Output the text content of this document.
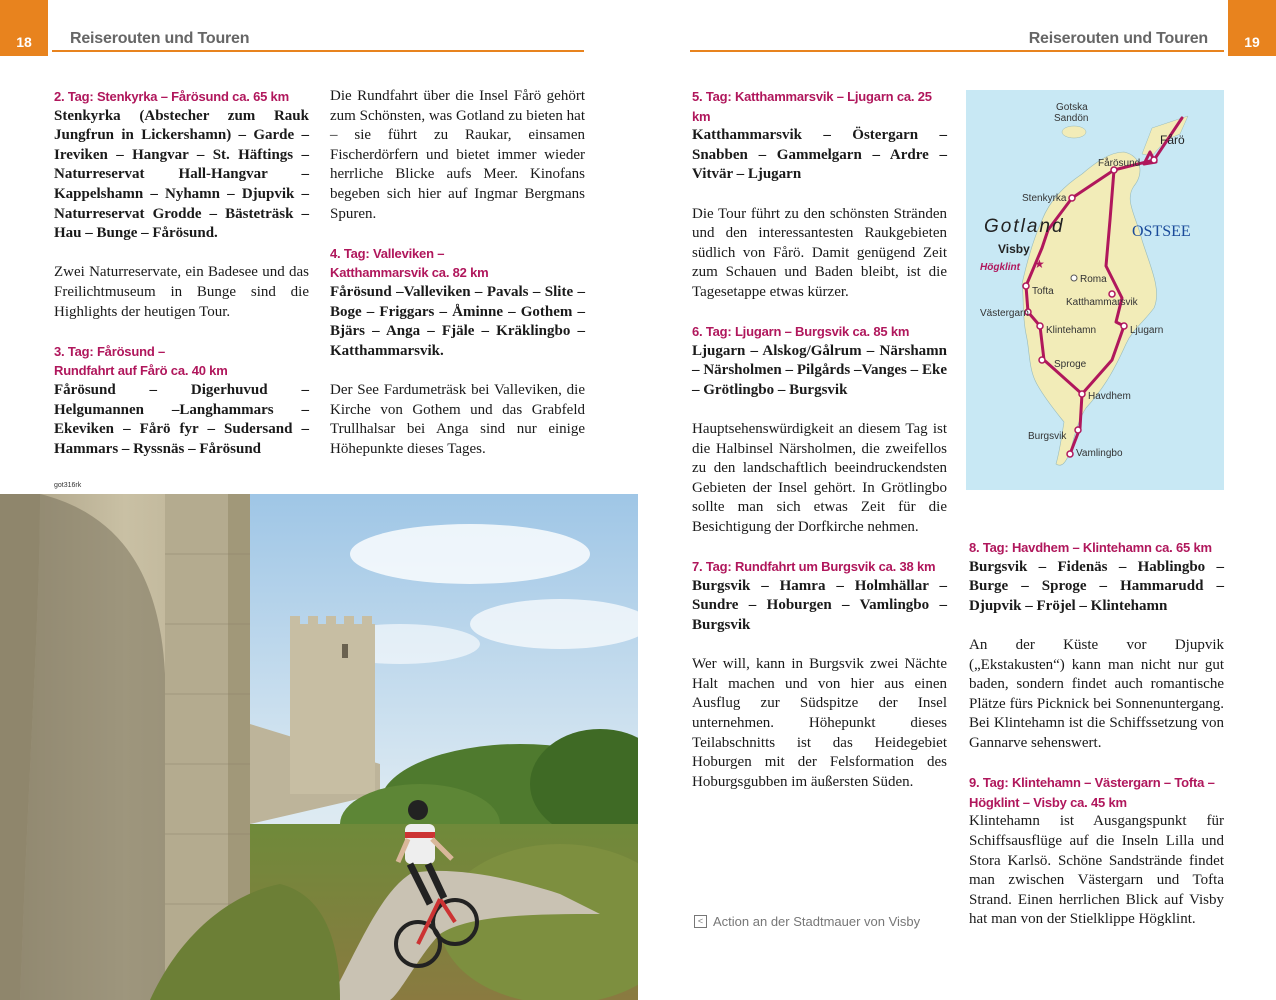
18	Reiserouten und Touren	19
Reiserouten und Touren
2. Tag: Stenkyrka – Fårösund ca. 65 km
Stenkyrka (Abstecher zum Rauk Jungfrun in Lickershamn) – Garde – Ireviken – Hangvar – St. Häftings – Naturreservat Hall-Hangvar – Kappelshamn – Nyhamn – Djupvik – Naturreservat Grodde – Bästeträsk – Hau – Bunge – Fårösund.

Zwei Naturreservate, ein Badesee und das Freilichtmuseum in Bunge sind die Highlights der heutigen Tour.

3. Tag: Fårösund –
Rundfahrt auf Fårö ca. 40 km
Fårösund – Digerhuvud – Helgumannen –Langhammars – Ekeviken – Fårö fyr – Sudersand – Hammars – Ryssnäs – Fårösund

Die Rundfahrt über die Insel Fårö gehört zum Schönsten, was Gotland zu bieten hat – sie führt zu Raukar, einsamen Fischerdörfern und bietet immer wieder herrliche Blicke aufs Meer. Kinofans begeben sich hier auf Ingmar Bergmans Spuren.

4. Tag: Valleviken –
Katthammarsvik ca. 82 km
Fårösund –Valleviken – Pavals – Slite – Boge – Friggars – Åminne – Gothem – Bjärs – Anga – Fjäle – Kräklingbo – Katthammarsvik.

Der See Fardumeträsk bei Valleviken, die Kirche von Gothem und das Grabfeld Trullhalsar bei Anga sind nur einige Höhepunkte dieses Tages.

got316rk
5. Tag: Katthammarsvik – Ljugarn ca. 25 km
Katthammarsvik – Östergarn – Snabben – Gammelgarn – Ardre – Vitvär – Ljugarn

Die Tour führt zu den schönsten Stränden und den interessantesten Raukgebieten südlich von Fårö. Damit genügend Zeit zum Schauen und Baden bleibt, ist die Tagesetappe etwas kürzer.

6. Tag: Ljugarn – Burgsvik ca. 85 km
Ljugarn – Alskog/Gålrum – Närshamn – Närsholmen – Pilgårds –Vanges – Eke – Grötlingbo – Burgsvik

Hauptsehenswürdigkeit an diesem Tag ist die Halbinsel Närsholmen, die zweifellos zu den landschaftlich beeindruckendsten Gebieten der Insel gehört. In Grötlingbo sollte man sich etwas Zeit für die Besichtigung der Dorfkirche nehmen.

7. Tag: Rundfahrt um Burgsvik ca. 38 km
Burgsvik – Hamra – Holmhällar – Sundre – Hoburgen – Vamlingbo – Burgsvik

Wer will, kann in Burgsvik zwei Nächte Halt machen und von hier aus einen Ausflug zur Südspitze der Insel unternehmen. Höhepunkt dieses Teilabschnitts ist das Heidegebiet Hoburgen mit der Felsformation des Hoburgsgubben im äußersten Süden.

< Action an der Stadtmauer von Visby
Gotska
Sandön
Fårö
Fårösund
Stenkyrka
Gotland	OSTSEE
Visby
Högklint ★
Roma
Tofta
Katthammarsvik
Västergarn
Klintehamn	Ljugarn
Sproge
Havdhem
Burgsvik
Vamlingbo
8. Tag: Havdhem – Klintehamn ca. 65 km
Burgsvik – Fidenäs – Hablingbo – Burge – Sproge – Hammarudd – Djupvik – Fröjel – Klintehamn

An der Küste vor Djupvik („Ekstakusten“) kann man nicht nur gut baden, sondern findet auch romantische Plätze fürs Picknick bei Sonnenuntergang. Bei Klintehamn ist die Schiffssetzung von Gannarve sehenswert.

9. Tag: Klintehamn – Västergarn – Tofta –
Högklint – Visby ca. 45 km

Klintehamn ist Ausgangspunkt für Schiffsausflüge auf die Inseln Lilla und Stora Karlsö. Schöne Sandstrände findet man zwischen Västergarn und Tofta Strand. Einen herrlichen Blick auf Visby hat man von der Stielklippe Högklint.
